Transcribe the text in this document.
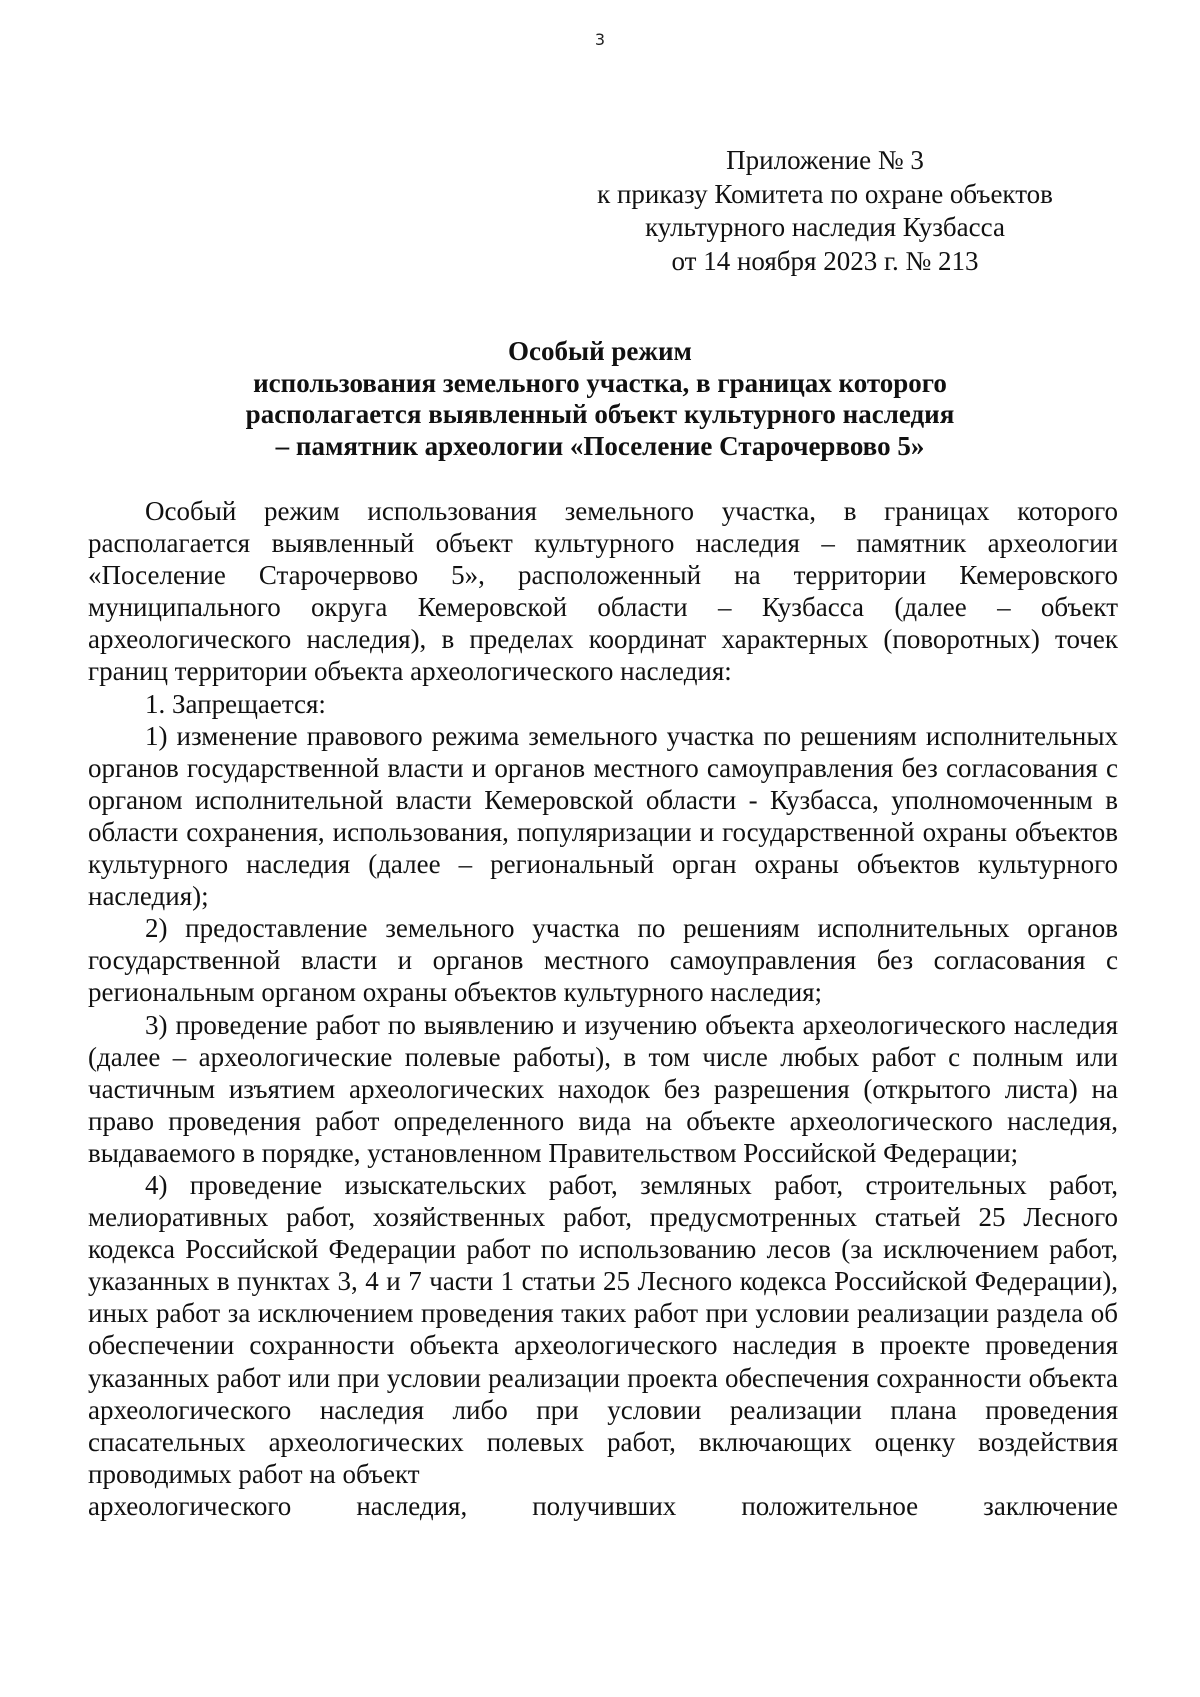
3
Приложение № 3
к приказу Комитета по охране объектов
культурного наследия Кузбасса
от 14 ноября 2023 г. № 213
Особый режим
использования земельного участка, в границах которого
располагается выявленный объект культурного наследия
– памятник археологии «Поселение Старочервово 5»

Особый режим использования земельного участка, в границах которого располагается выявленный объект культурного наследия – памятник археологии «Поселение Старочервово 5», расположенный на территории Кемеровского муниципального округа Кемеровской области – Кузбасса (далее – объект археологического наследия), в пределах координат характерных (поворотных) точек границ территории объекта археологического наследия:

1. Запрещается:

1) изменение правового режима земельного участка по решениям исполнительных органов государственной власти и органов местного самоуправления без согласования с органом исполнительной власти Кемеровской области - Кузбасса, уполномоченным в области сохранения, использования, популяризации и государственной охраны объектов культурного наследия (далее – региональный орган охраны объектов культурного наследия);

2) предоставление земельного участка по решениям исполнительных органов государственной власти и органов местного самоуправления без согласования с региональным органом охраны объектов культурного наследия;

3) проведение работ по выявлению и изучению объекта археологического наследия (далее – археологические полевые работы), в том числе любых работ с полным или частичным изъятием археологических находок без разрешения (открытого листа) на право проведения работ определенного вида на объекте археологического наследия, выдаваемого в порядке, установленном Правительством Российской Федерации;

4) проведение изыскательских работ, земляных работ, строительных работ, мелиоративных работ, хозяйственных работ, предусмотренных статьей 25 Лесного кодекса Российской Федерации работ по использованию лесов (за исключением работ, указанных в пунктах 3, 4 и 7 части 1 статьи 25 Лесного кодекса Российской Федерации), иных работ за исключением проведения таких работ при условии реализации раздела об обеспечении сохранности объекта археологического наследия в проекте проведения указанных работ или при условии реализации проекта обеспечения сохранности объекта археологического наследия либо при условии реализации плана проведения спасательных археологических полевых работ, включающих оценку воздействия проводимых работ на объект

археологического наследия, получивших положительное заключение
